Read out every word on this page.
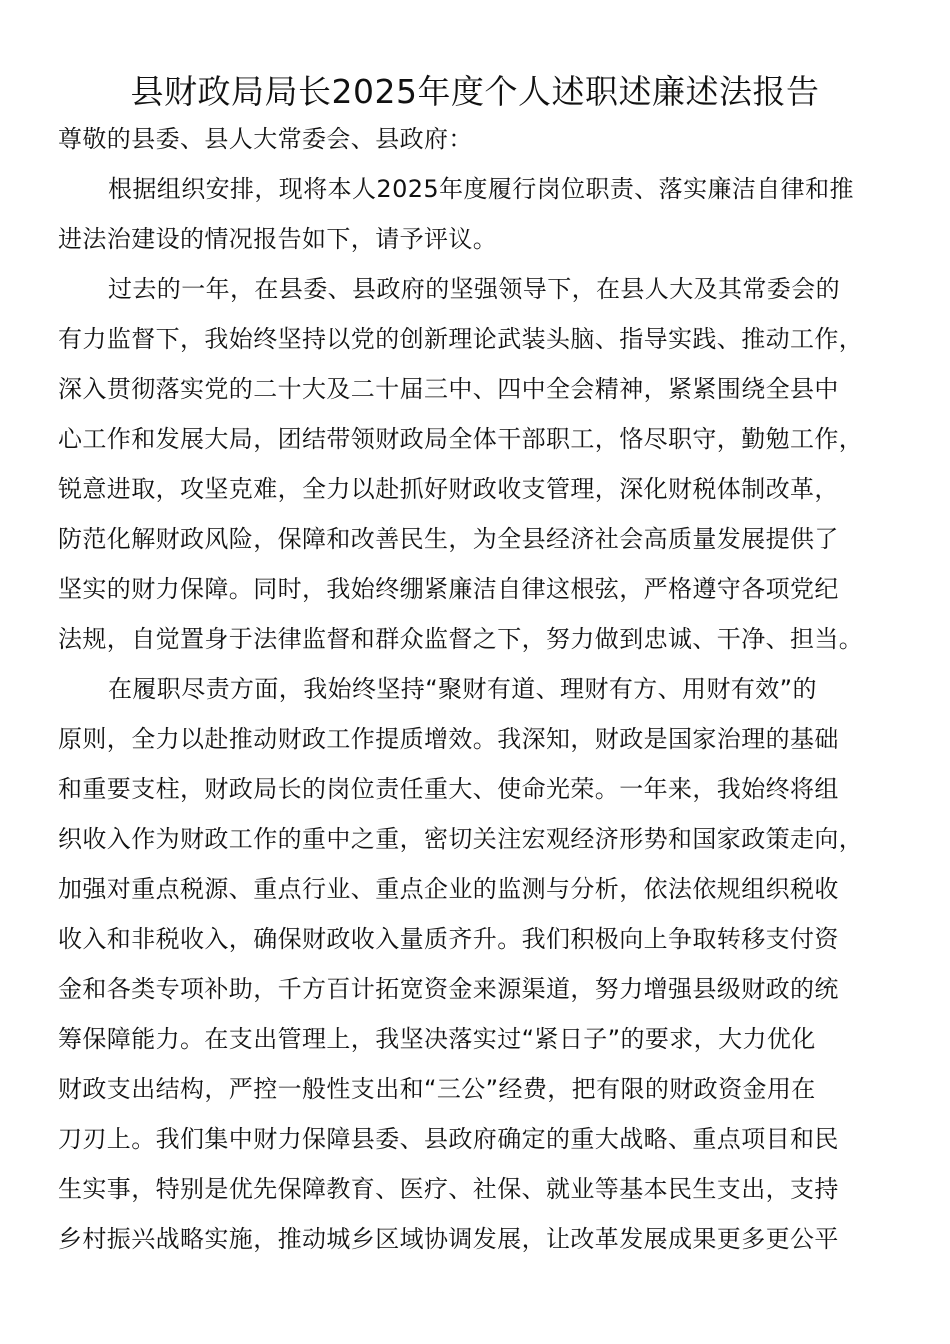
县财政局局长2025年度个人述职述廉述法报告
尊敬的县委、县人大常委会、县政府：
根据组织安排，现将本人2025年度履行岗位职责、落实廉洁自律和推
进法治建设的情况报告如下，请予评议。
过去的一年，在县委、县政府的坚强领导下，在县人大及其常委会的
有力监督下，我始终坚持以党的创新理论武装头脑、指导实践、推动工作，
深入贯彻落实党的二十大及二十届三中、四中全会精神，紧紧围绕全县中
心工作和发展大局，团结带领财政局全体干部职工，恪尽职守，勤勉工作，
锐意进取，攻坚克难，全力以赴抓好财政收支管理，深化财税体制改革，
防范化解财政风险，保障和改善民生，为全县经济社会高质量发展提供了
坚实的财力保障。同时，我始终绷紧廉洁自律这根弦，严格遵守各项党纪
法规，自觉置身于法律监督和群众监督之下，努力做到忠诚、干净、担当。
在履职尽责方面，我始终坚持“聚财有道、理财有方、用财有效”的
原则，全力以赴推动财政工作提质增效。我深知，财政是国家治理的基础
和重要支柱，财政局长的岗位责任重大、使命光荣。一年来，我始终将组
织收入作为财政工作的重中之重，密切关注宏观经济形势和国家政策走向，
加强对重点税源、重点行业、重点企业的监测与分析，依法依规组织税收
收入和非税收入，确保财政收入量质齐升。我们积极向上争取转移支付资
金和各类专项补助，千方百计拓宽资金来源渠道，努力增强县级财政的统
筹保障能力。在支出管理上，我坚决落实过“紧日子”的要求，大力优化
财政支出结构，严控一般性支出和“三公”经费，把有限的财政资金用在
刀刃上。我们集中财力保障县委、县政府确定的重大战略、重点项目和民
生实事，特别是优先保障教育、医疗、社保、就业等基本民生支出，支持
乡村振兴战略实施，推动城乡区域协调发展，让改革发展成果更多更公平
